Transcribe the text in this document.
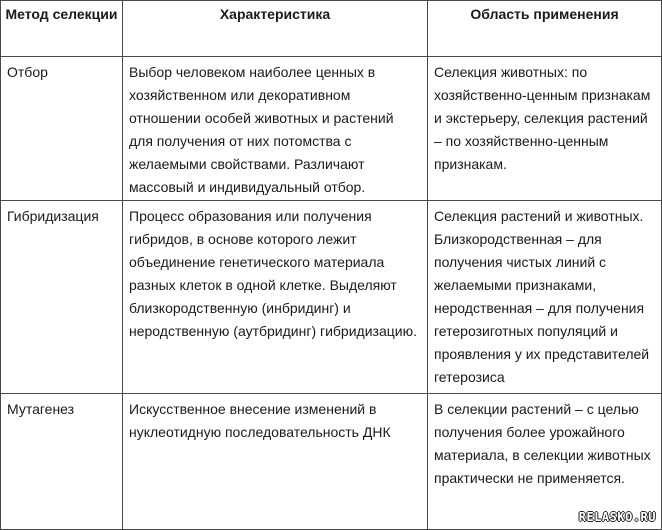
Метод селекции	Характеристика	Область применения
Отбор	Выбор человеком наиболее ценных в хозяйственном или декоративном отношении особей животных и растений для получения от них потомства с желаемыми свойствами. Различают массовый и индивидуальный отбор.	Селекция животных: по хозяйственно-ценным признакам и экстерьеру, селекция растений – по хозяйственно-ценным признакам.
Гибридизация	Процесс образования или получения гибридов, в основе которого лежит объединение генетического материала разных клеток в одной клетке. Выделяют близкородственную (инбридинг) и неродственную (аутбридинг) гибридизацию.	Селекция растений и животных. Близкородственная – для получения чистых линий с желаемыми признаками, неродственная – для получения гетерозиготных популяций и проявления у их представителей гетерозиса
Мутагенез	Искусственное внесение изменений в нуклеотидную последовательность ДНК	В селекции растений – с целью получения более урожайного материала, в селекции животных практически не применяется.
RELASKO.RU
